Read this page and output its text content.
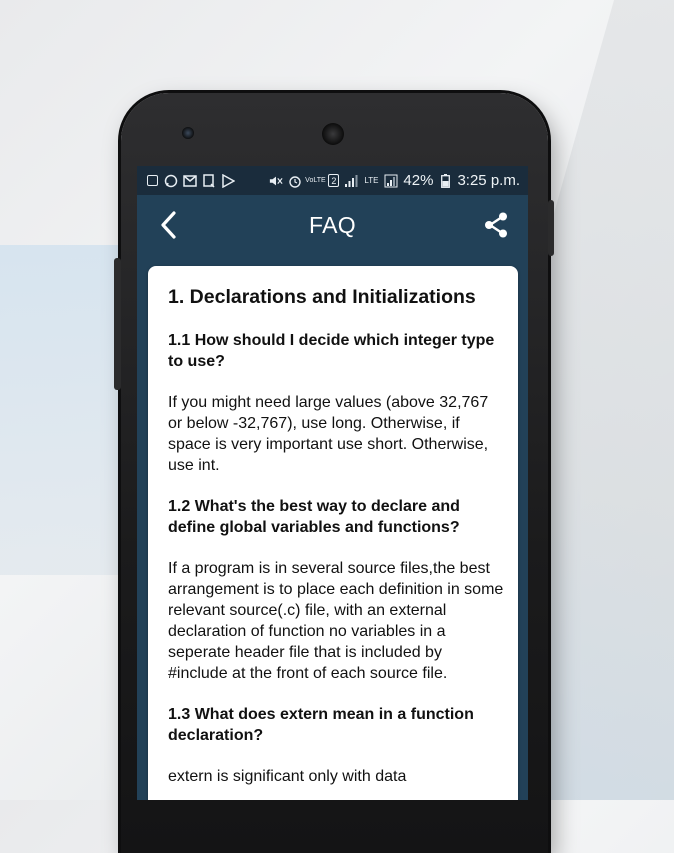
VoLTE 2	LTE 42% 3:25 p.m.
FAQ
1. Declarations and Initializations
1.1 How should I decide which integer type to use?
If you might need large values (above 32,767 or below -32,767), use long. Otherwise, if space is very important use short. Otherwise, use int.
1.2 What's the best way to declare and define global variables and functions?
If a program is in several source files,the best arrangement is to place each definition in some relevant source(.c) file, with an external declaration of function no variables in a seperate header file that is included by #include at the front of each source file.
1.3 What does extern mean in a function declaration?
extern is significant only with data
